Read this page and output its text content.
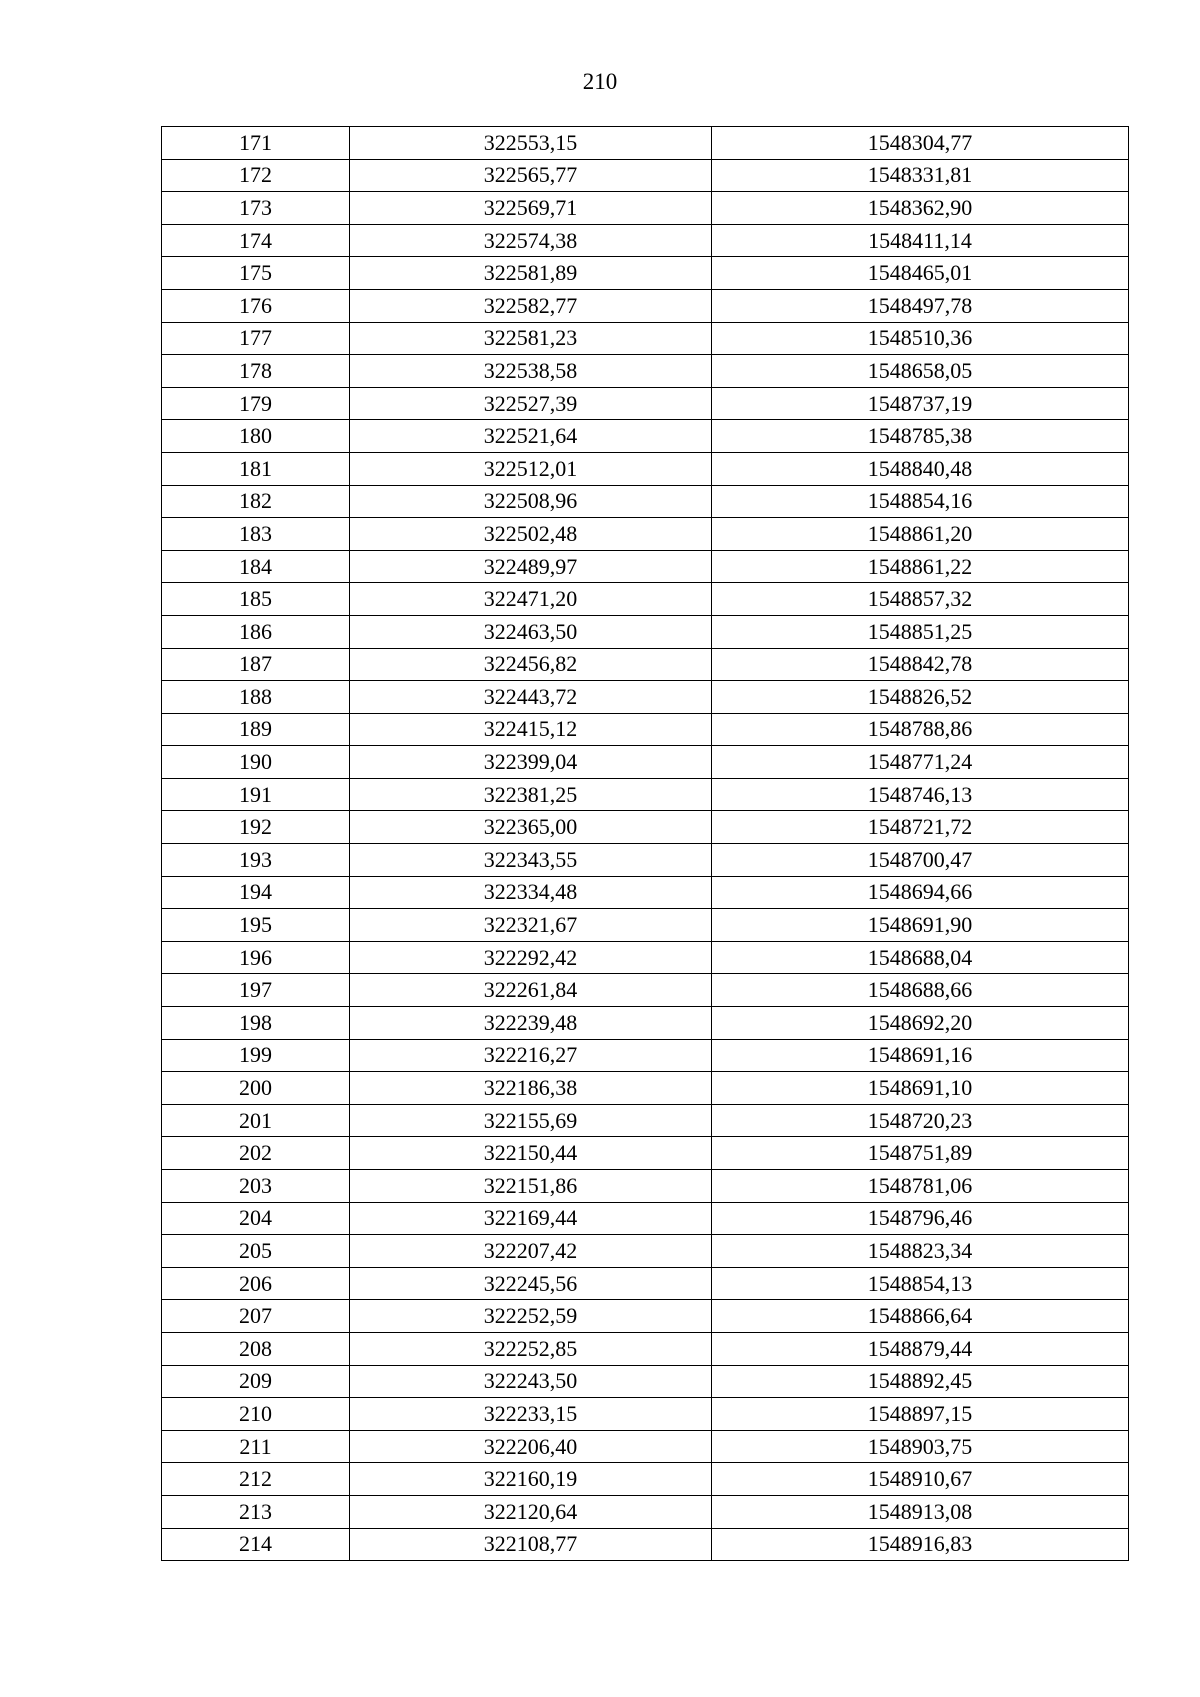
210
171	322553,15	1548304,77
172	322565,77	1548331,81
173	322569,71	1548362,90
174	322574,38	1548411,14
175	322581,89	1548465,01
176	322582,77	1548497,78
177	322581,23	1548510,36
178	322538,58	1548658,05
179	322527,39	1548737,19
180	322521,64	1548785,38
181	322512,01	1548840,48
182	322508,96	1548854,16
183	322502,48	1548861,20
184	322489,97	1548861,22
185	322471,20	1548857,32
186	322463,50	1548851,25
187	322456,82	1548842,78
188	322443,72	1548826,52
189	322415,12	1548788,86
190	322399,04	1548771,24
191	322381,25	1548746,13
192	322365,00	1548721,72
193	322343,55	1548700,47
194	322334,48	1548694,66
195	322321,67	1548691,90
196	322292,42	1548688,04
197	322261,84	1548688,66
198	322239,48	1548692,20
199	322216,27	1548691,16
200	322186,38	1548691,10
201	322155,69	1548720,23
202	322150,44	1548751,89
203	322151,86	1548781,06
204	322169,44	1548796,46
205	322207,42	1548823,34
206	322245,56	1548854,13
207	322252,59	1548866,64
208	322252,85	1548879,44
209	322243,50	1548892,45
210	322233,15	1548897,15
211	322206,40	1548903,75
212	322160,19	1548910,67
213	322120,64	1548913,08
214	322108,77	1548916,83
